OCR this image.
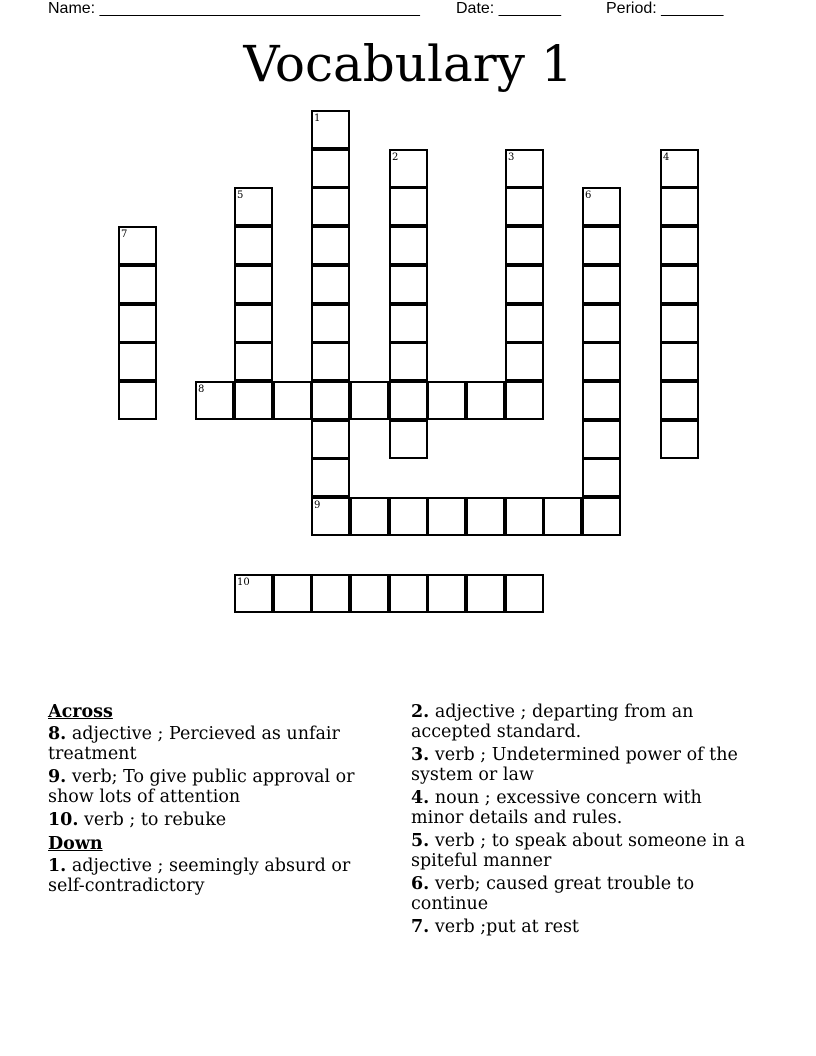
Name: ____________________________________ Date: _______	Period: _______
Vocabulary 1
1
9
2	3	4
5	6
7
8
10
Across
8. adjective ; Percieved as unfair treatment
9. verb; To give public approval or show lots of attention
10. verb ; to rebuke
Down
1. adjective ; seemingly absurd or self-contradictory
2. adjective ; departing from an accepted standard.
3. verb ; Undetermined power of the system or law
4. noun ; excessive concern with minor details and rules.
5. verb ; to speak about someone in a spiteful manner
6. verb; caused great trouble to continue
7. verb ;put at rest
